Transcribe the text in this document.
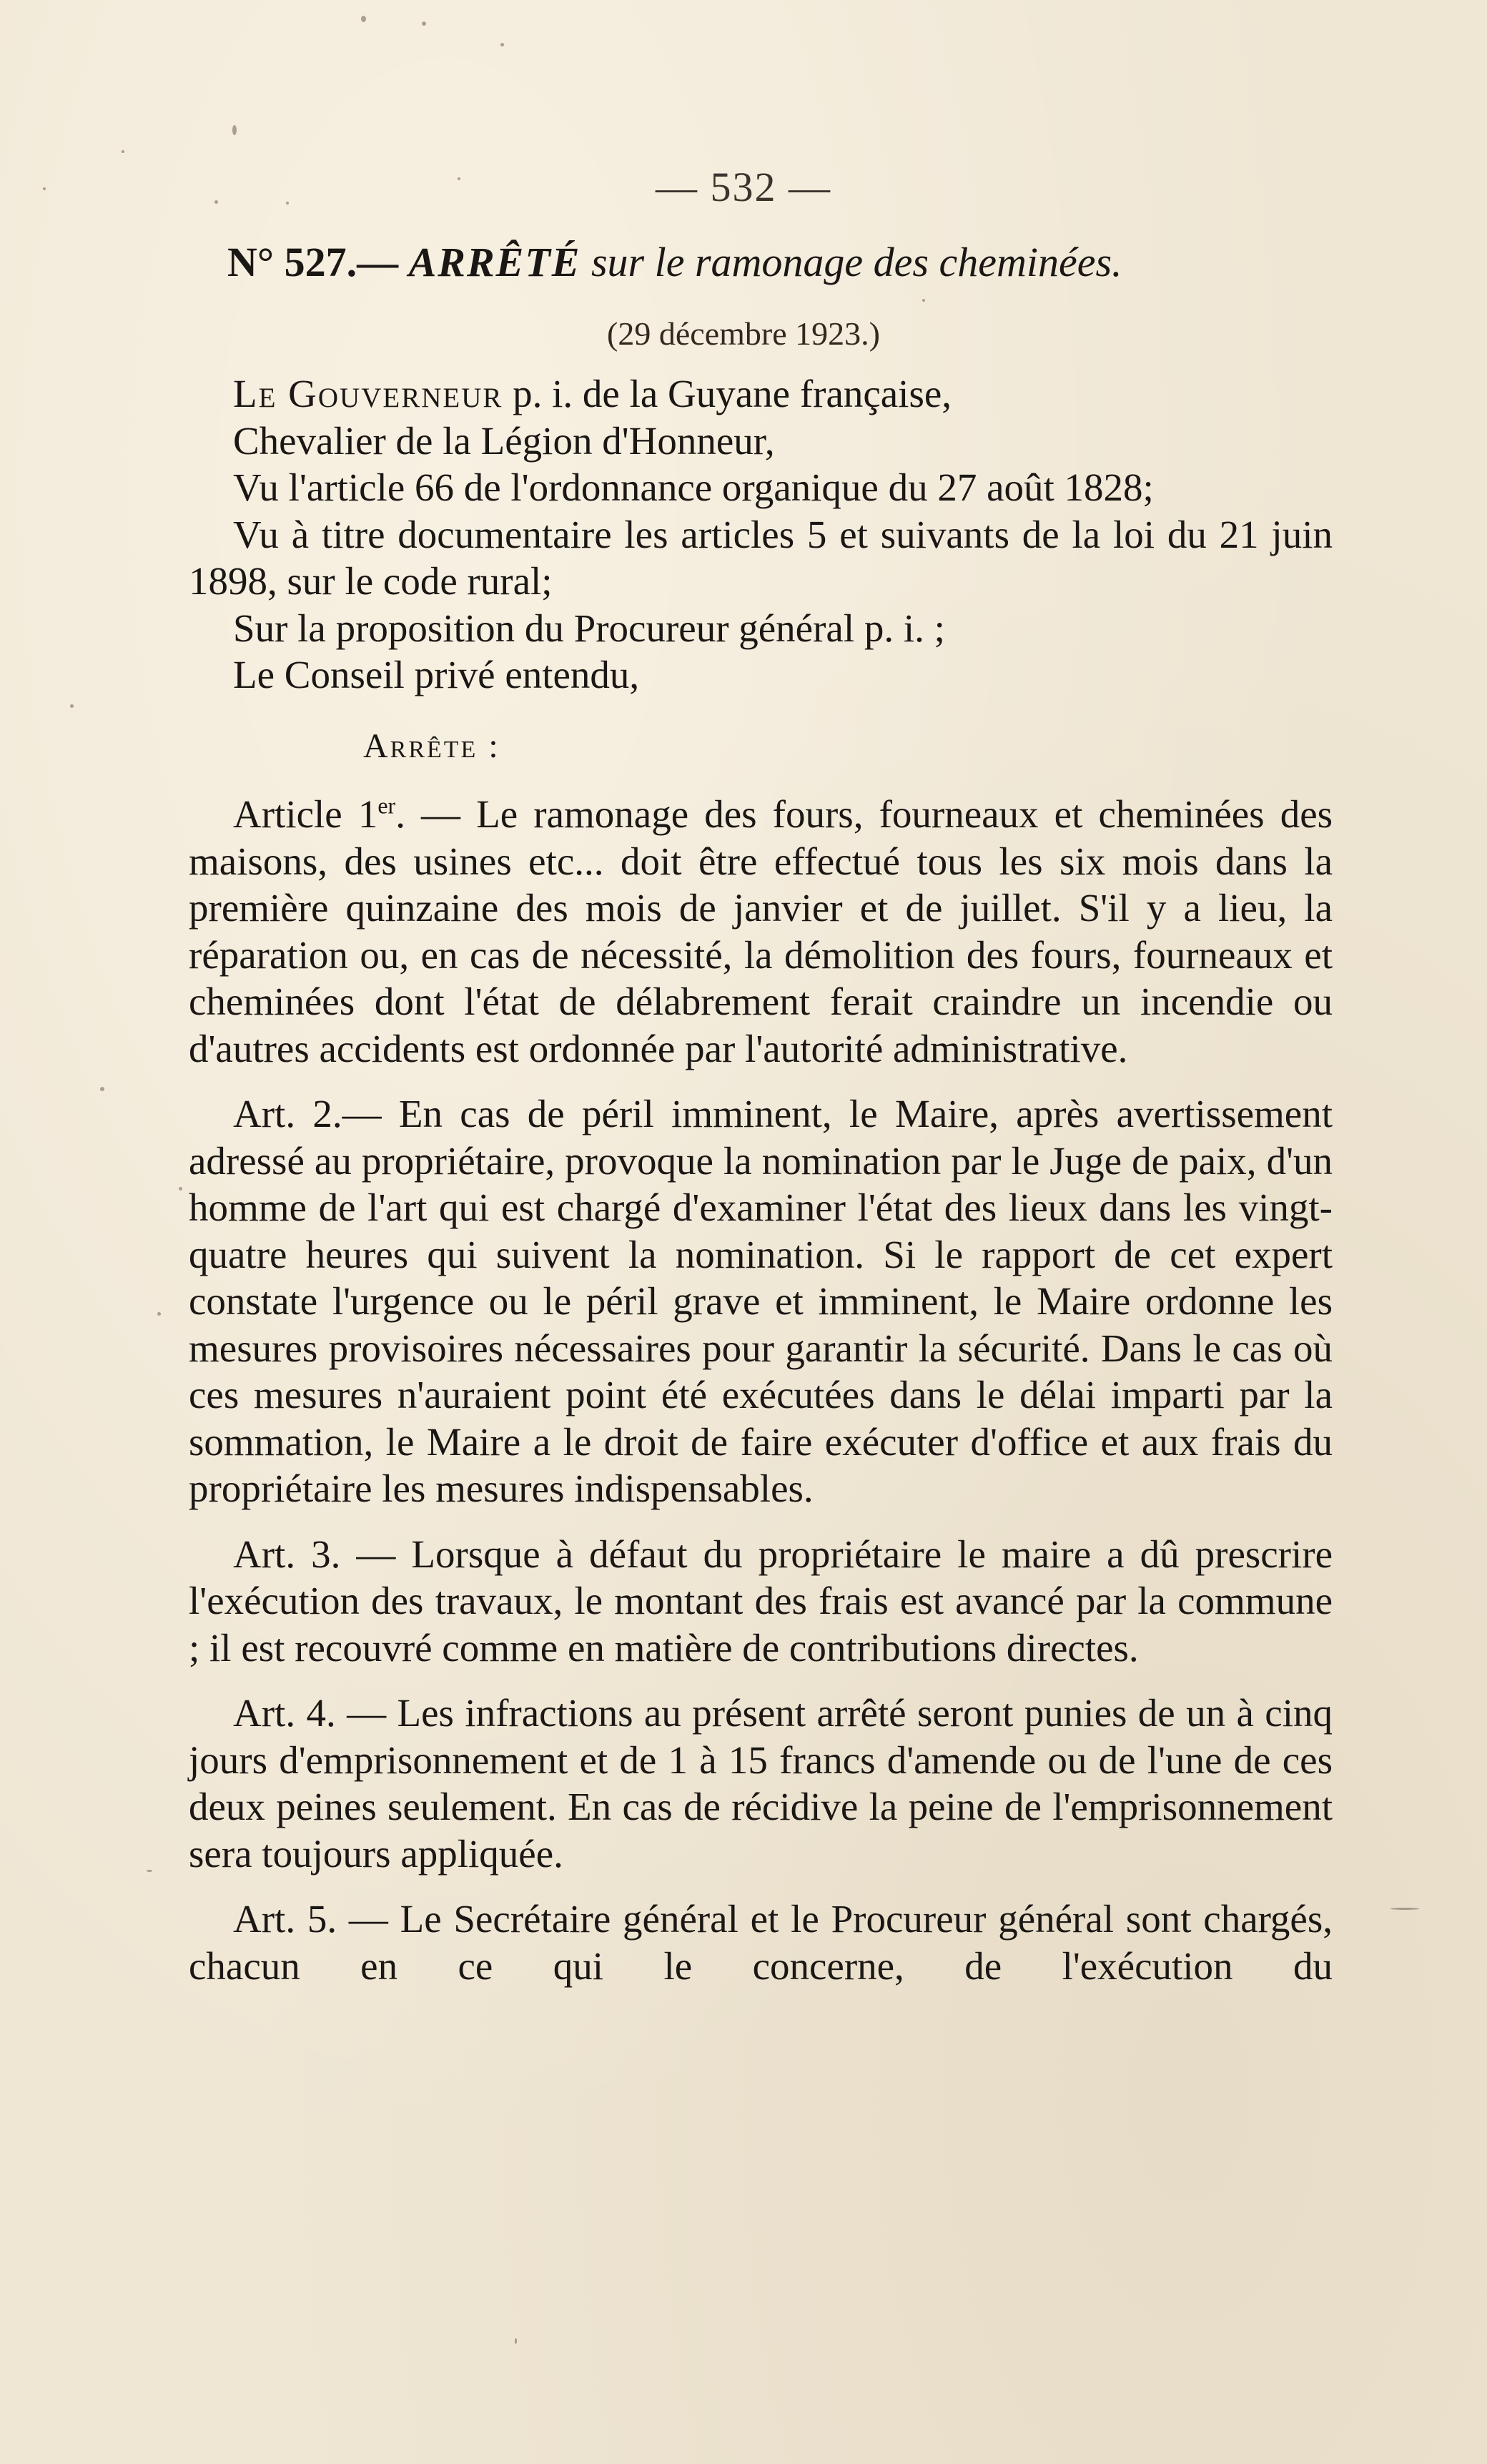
— 532 —
N° 527.— ARRÊTÉ sur le ramonage des cheminées.
(29 décembre 1923.)

Le Gouverneur p. i. de la Guyane française,

Chevalier de la Légion d'Honneur,

Vu l'article 66 de l'ordonnance organique du 27 août 1828;

Vu à titre documentaire les articles 5 et suivants de la loi du 21 juin 1898, sur le code rural;

Sur la proposition du Procureur général p. i. ;

Le Conseil privé entendu,

Arrête :

Article 1er. — Le ramonage des fours, fourneaux et cheminées des maisons, des usines etc... doit être effectué tous les six mois dans la première quinzaine des mois de janvier et de juillet. S'il y a lieu, la réparation ou, en cas de nécessité, la démolition des fours, fourneaux et cheminées dont l'état de délabrement ferait craindre un incendie ou d'autres accidents est ordonnée par l'autorité administrative.

Art. 2.— En cas de péril imminent, le Maire, après avertissement adressé au propriétaire, provoque la nomination par le Juge de paix, d'un homme de l'art qui est chargé d'examiner l'état des lieux dans les vingt-quatre heures qui suivent la nomination. Si le rapport de cet expert constate l'urgence ou le péril grave et imminent, le Maire ordonne les mesures provisoires nécessaires pour garantir la sécurité. Dans le cas où ces mesures n'auraient point été exécutées dans le délai imparti par la sommation, le Maire a le droit de faire exécuter d'office et aux frais du propriétaire les mesures indispensables.

Art. 3. — Lorsque à défaut du propriétaire le maire a dû prescrire l'exécution des travaux, le montant des frais est avancé par la commune ; il est recouvré comme en matière de contributions directes.

Art. 4. — Les infractions au présent arrêté seront punies de un à cinq jours d'emprisonnement et de 1 à 15 francs d'amende ou de l'une de ces deux peines seulement. En cas de récidive la peine de l'emprisonnement sera toujours appliquée.

Art. 5. — Le Secrétaire général et le Procureur général sont chargés, chacun en ce qui le concerne, de l'exécution du
